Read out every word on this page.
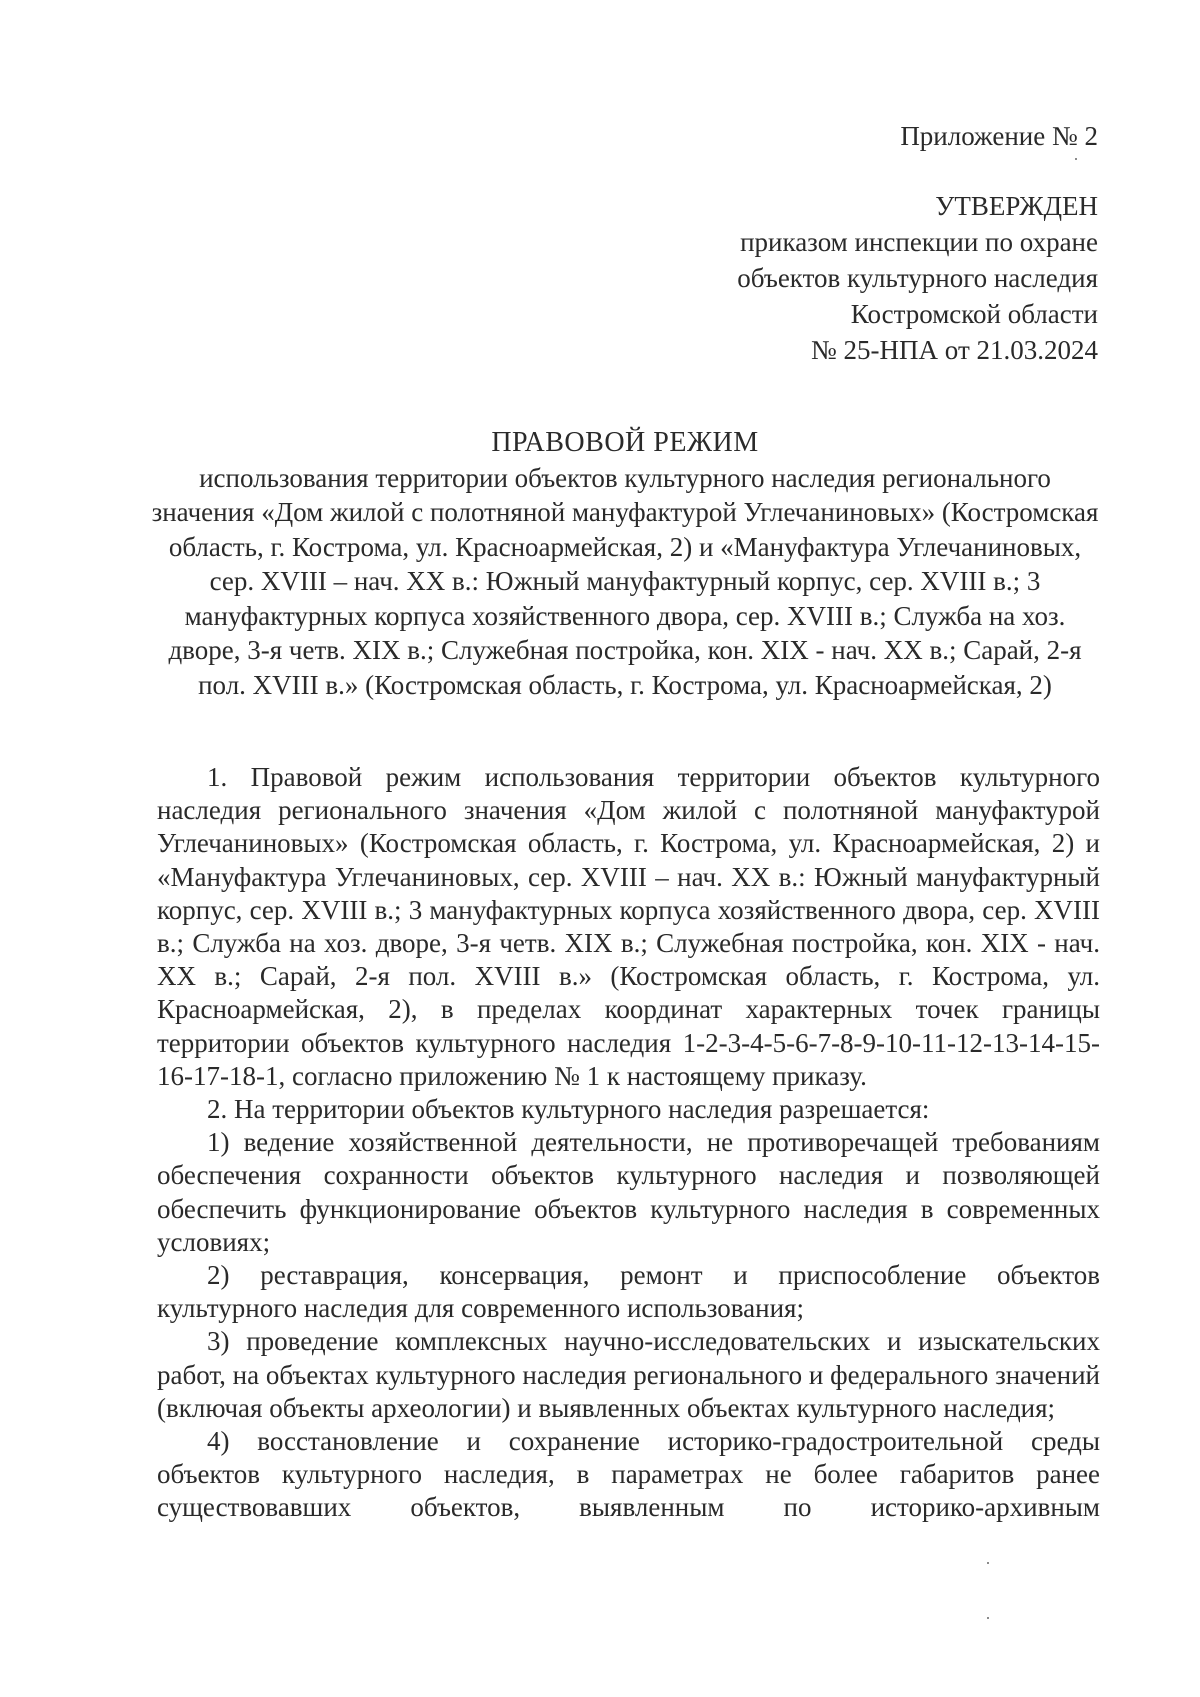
Приложение № 2
УТВЕРЖДЕН
приказом инспекции по охране
объектов культурного наследия
Костромской области
№ 25-НПА от 21.03.2024
ПРАВОВОЙ РЕЖИМ

использования территории объектов культурного наследия регионального значения «Дом жилой с полотняной мануфактурой Углечаниновых» (Костромская область, г. Кострома, ул. Красноармейская, 2) и «Мануфактура Углечаниновых, сер. XVIII – нач. XX в.: Южный мануфактурный корпус, сер. XVIII в.; 3 мануфактурных корпуса хозяйственного двора, сер. XVIII в.; Служба на хоз. дворе, 3-я четв. XIX в.; Служебная постройка, кон. XIX - нач. XX в.; Сарай, 2-я пол. XVIII в.» (Костромская область, г. Кострома, ул. Красноармейская, 2)

1. Правовой режим использования территории объектов культурного наследия регионального значения «Дом жилой с полотняной мануфактурой Углечаниновых» (Костромская область, г. Кострома, ул. Красноармейская, 2) и «Мануфактура Углечаниновых, сер. XVIII – нач. XX в.: Южный мануфактурный корпус, сер. XVIII в.; 3 мануфактурных корпуса хозяйственного двора, сер. XVIII в.; Служба на хоз. дворе, 3-я четв. XIX в.; Служебная постройка, кон. XIX - нач. XX в.; Сарай, 2-я пол. XVIII в.» (Костромская область, г. Кострома, ул. Красноармейская, 2), в пределах координат характерных точек границы территории объектов культурного наследия 1-2-3-4-5-6-7-8-9-10-11-12-13-14-15-16-17-18-1, согласно приложению № 1 к настоящему приказу.

2. На территории объектов культурного наследия разрешается:

1) ведение хозяйственной деятельности, не противоречащей требованиям обеспечения сохранности объектов культурного наследия и позволяющей обеспечить функционирование объектов культурного наследия в современных условиях;

2) реставрация, консервация, ремонт и приспособление объектов культурного наследия для современного использования;

3) проведение комплексных научно-исследовательских и изыскательских работ, на объектах культурного наследия регионального и федерального значений (включая объекты археологии) и выявленных объектах культурного наследия;

4) восстановление и сохранение историко-градостроительной среды объектов культурного наследия, в параметрах не более габаритов ранее существовавших объектов, выявленным по историко-архивным
